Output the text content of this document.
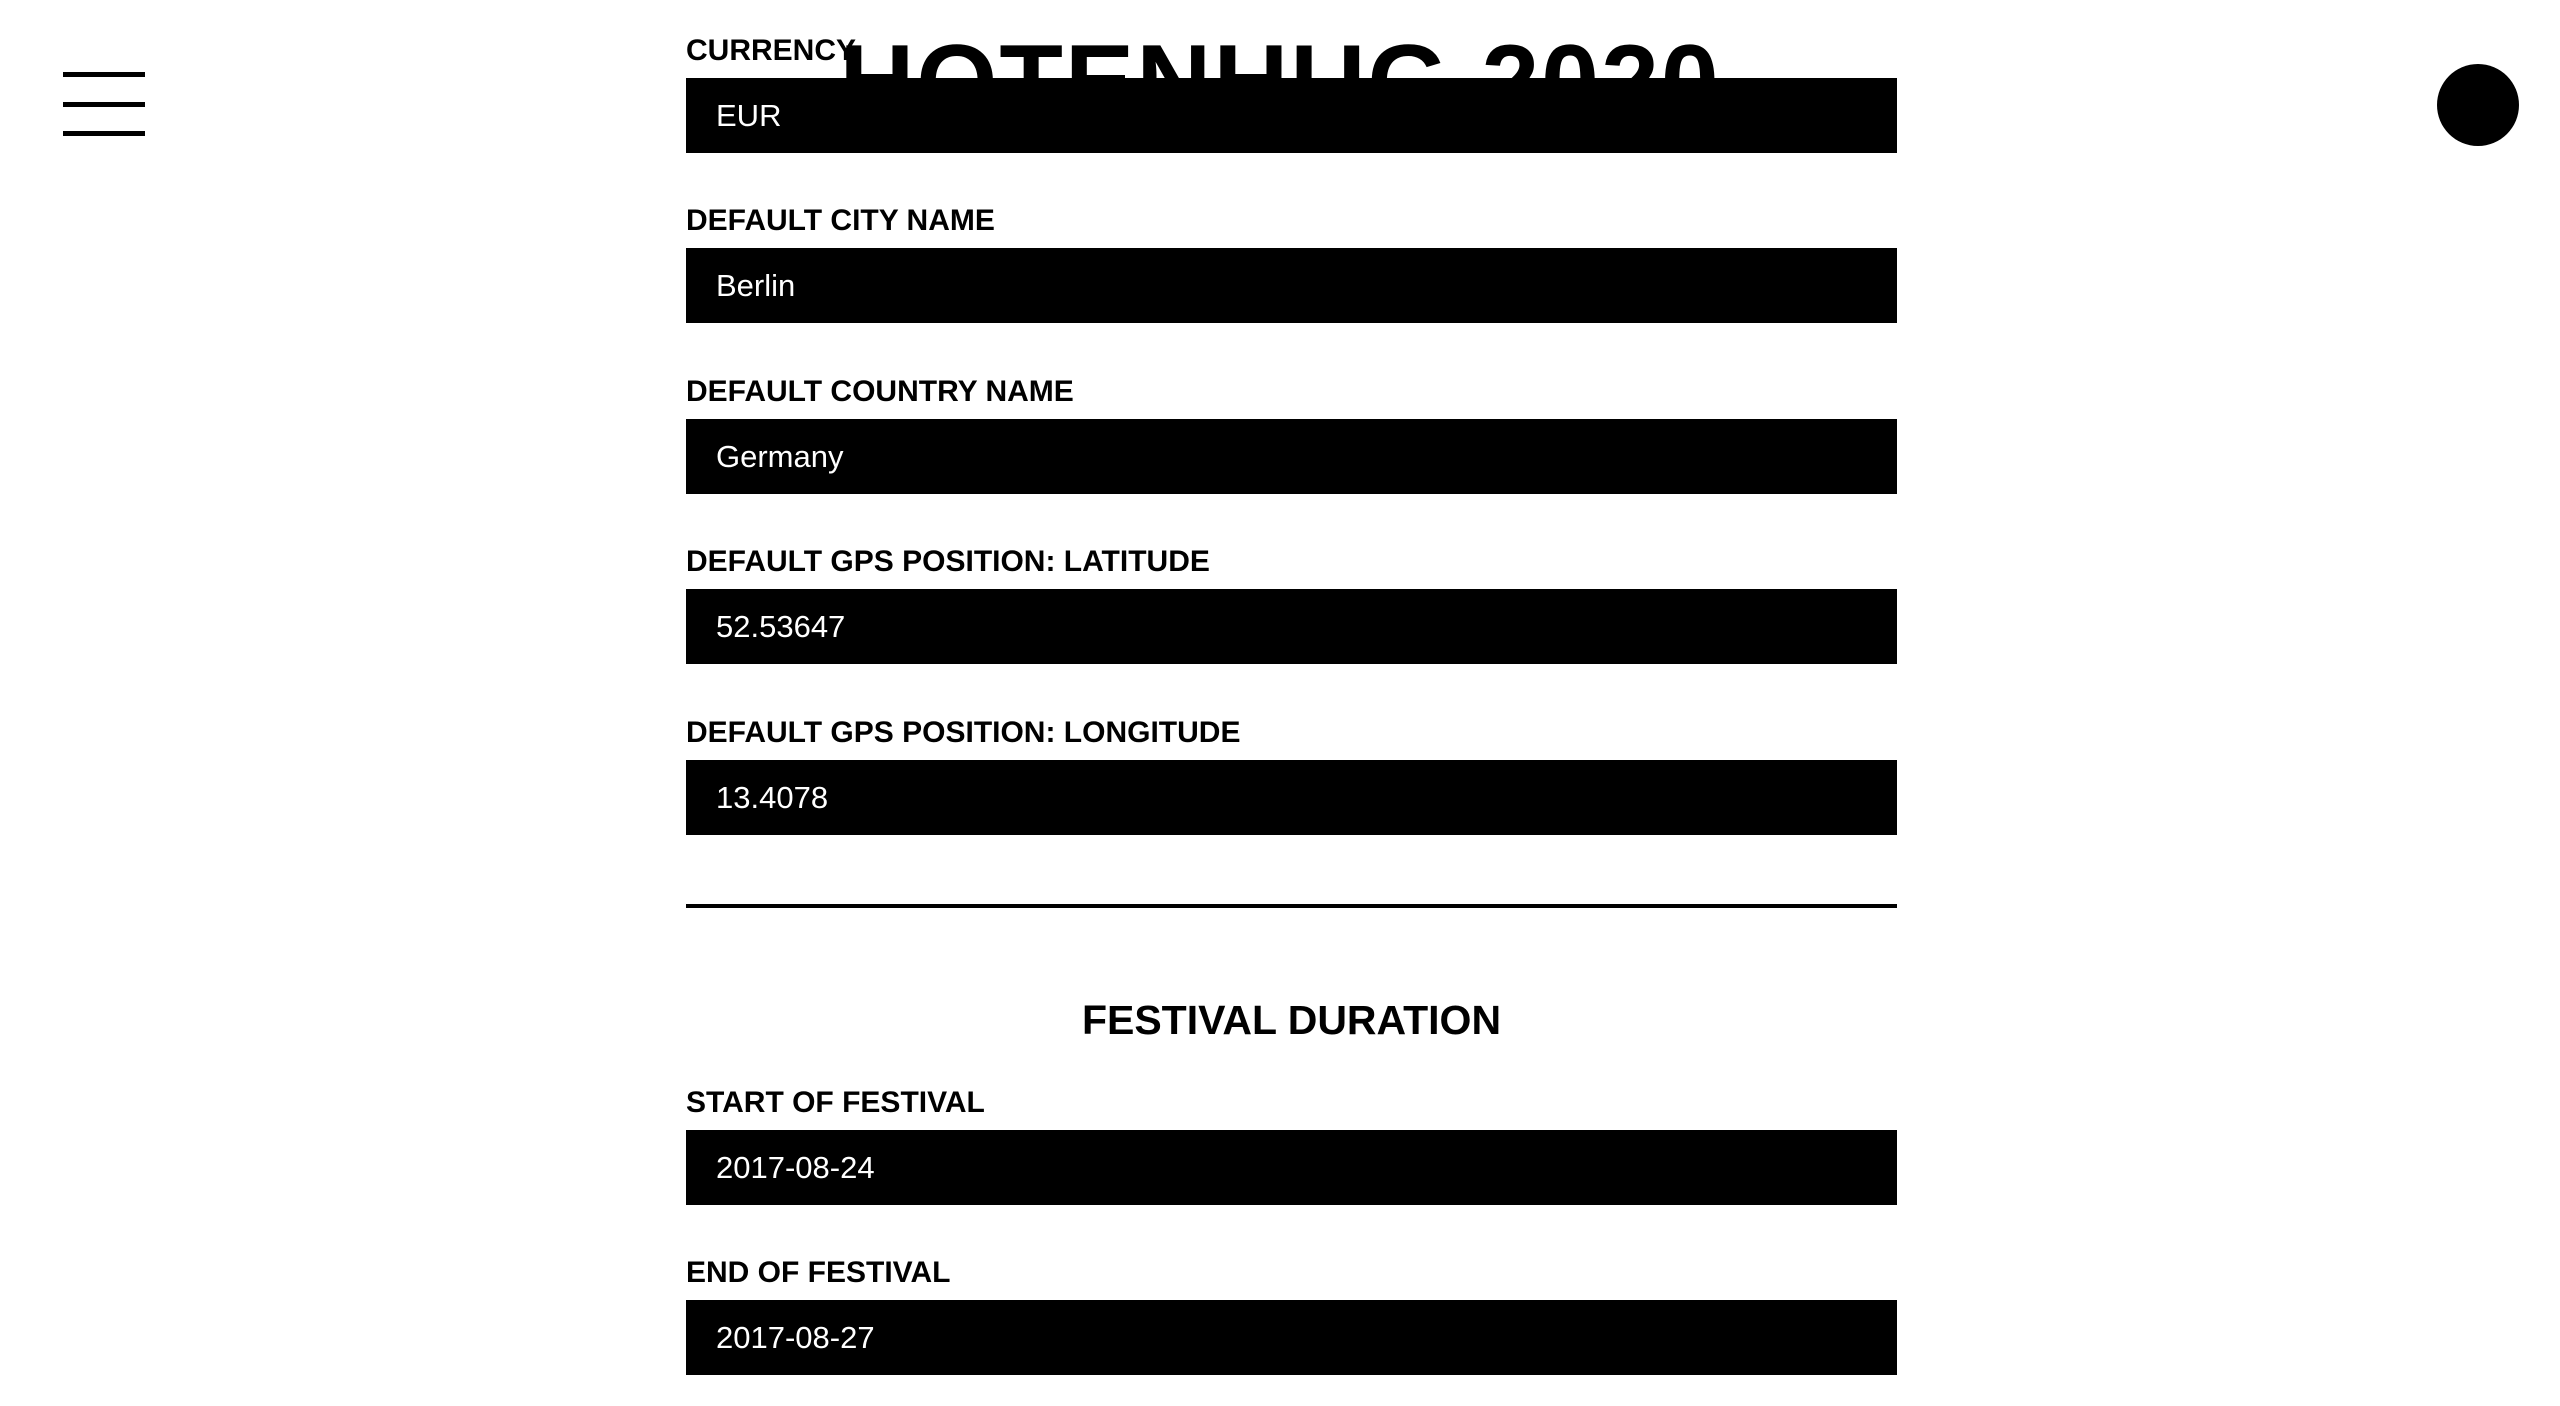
CURRENCY
EUR
DEFAULT CITY NAME
Berlin
DEFAULT COUNTRY NAME
Germany
DEFAULT GPS POSITION: LATITUDE
52.53647
DEFAULT GPS POSITION: LONGITUDE
13.4078
FESTIVAL DURATION
START OF FESTIVAL
2017-08-24
END OF FESTIVAL
2017-08-27
